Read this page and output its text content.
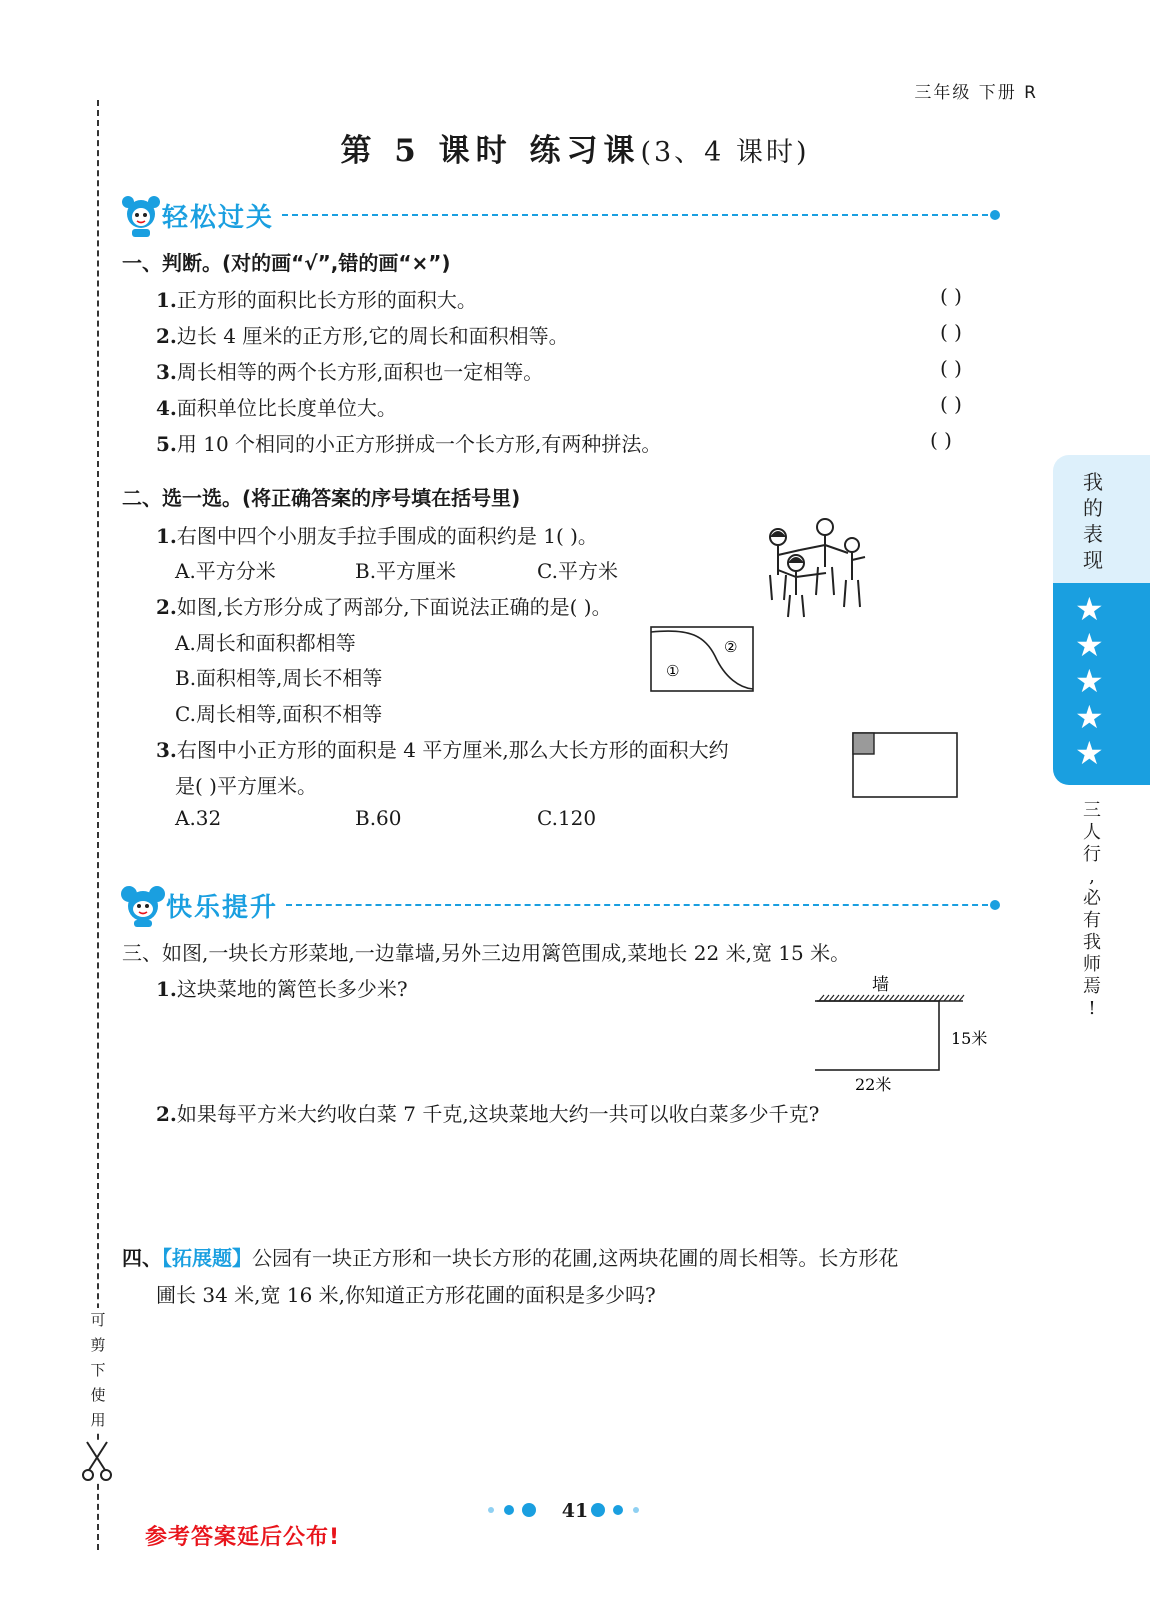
三年级 下册 R
第 5 课时 练习课(3、4 课时)
可
剪
下
使
用
轻松过关
一、判断。(对的画“√”,错的画“×”)
1.正方形的面积比长方形的面积大。	( )
2.边长 4 厘米的正方形,它的周长和面积相等。	( )
3.周长相等的两个长方形,面积也一定相等。	( )
4.面积单位比长度单位大。	( )
5.用 10 个相同的小正方形拼成一个长方形,有两种拼法。	( )
二、选一选。(将正确答案的序号填在括号里)
1.右图中四个小朋友手拉手围成的面积约是 1( )。
A.平方分米	B.平方厘米	C.平方米
2.如图,长方形分成了两部分,下面说法正确的是( )。
A.周长和面积都相等
B.面积相等,周长不相等
C.周长相等,面积不相等
①
②
3.右图中小正方形的面积是 4 平方厘米,那么大长方形的面积大约
是( )平方厘米。
A.32	B.60	C.120
快乐提升
三、如图,一块长方形菜地,一边靠墙,另外三边用篱笆围成,菜地长 22 米,宽 15 米。
1.这块菜地的篱笆长多少米?	墙
15米
22米
2.如果每平方米大约收白菜 7 千克,这块菜地大约一共可以收白菜多少千克?
四、【拓展题】公园有一块正方形和一块长方形的花圃,这两块花圃的周长相等。长方形花
圃长 34 米,宽 16 米,你知道正方形花圃的面积是多少吗?
我
的
表
现
★
★
★
★
★
三
人
行
,
必
有
我
师
焉
!
41
参考答案延后公布!
